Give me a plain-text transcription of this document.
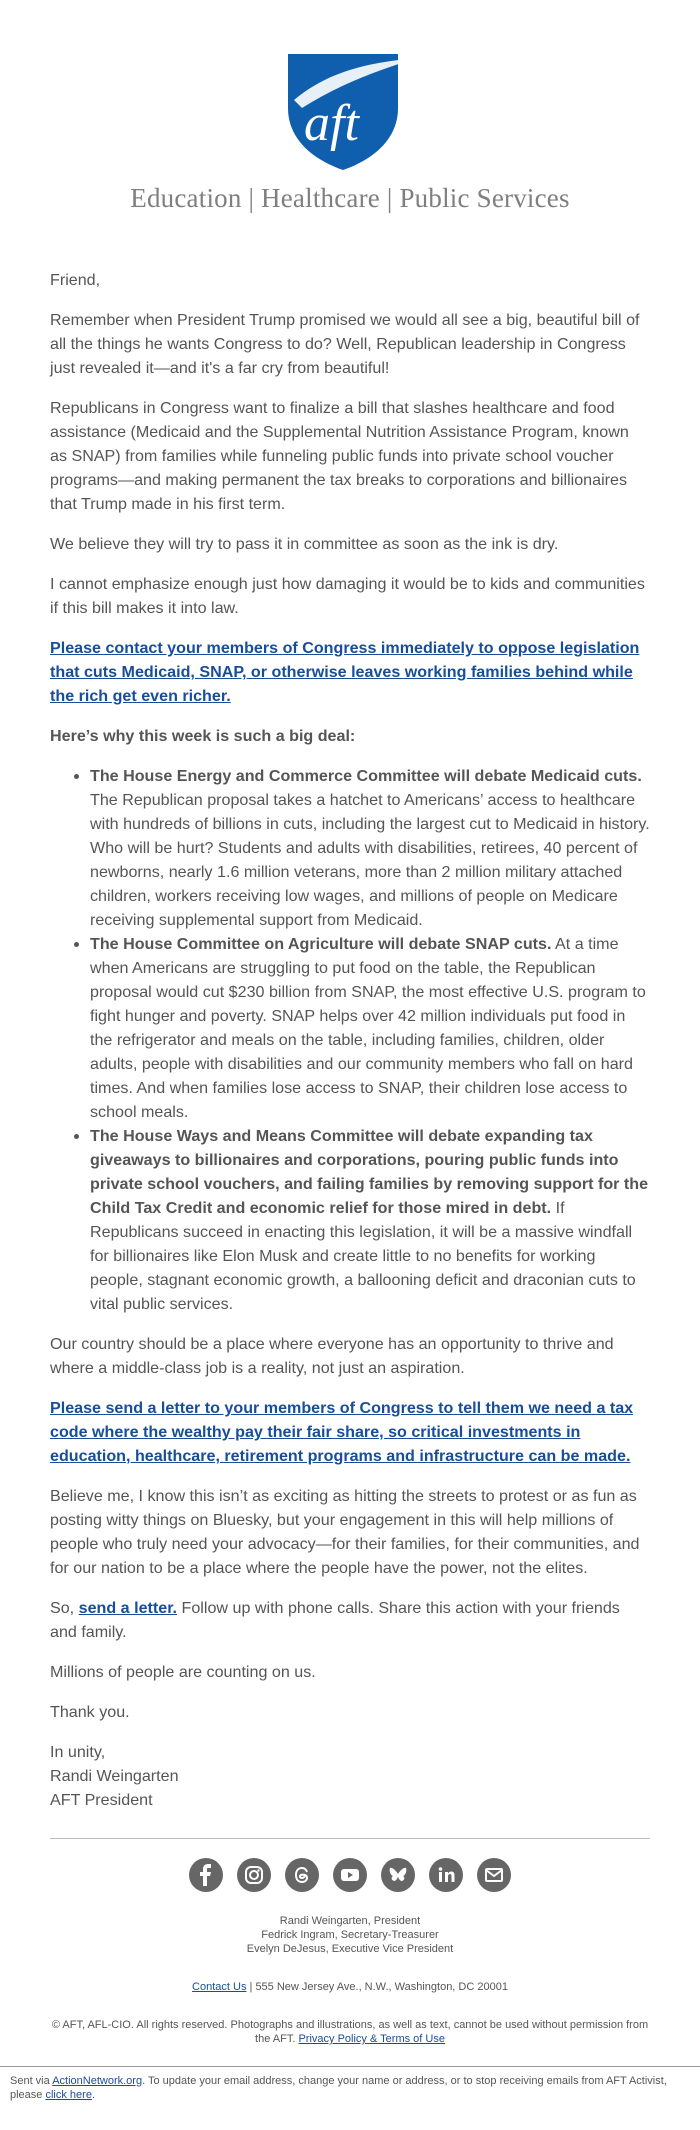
aft
Education | Healthcare | Public Services

Friend,

Remember when President Trump promised we would all see a big, beautiful bill of all the things he wants Congress to do? Well, Republican leadership in Congress just revealed it—and it's a far cry from beautiful!

Republicans in Congress want to finalize a bill that slashes healthcare and food assistance (Medicaid and the Supplemental Nutrition Assistance Program, known as SNAP) from families while funneling public funds into private school voucher programs—and making permanent the tax breaks to corporations and billionaires that Trump made in his first term.

We believe they will try to pass it in committee as soon as the ink is dry.

I cannot emphasize enough just how damaging it would be to kids and communities if this bill makes it into law.

Please contact your members of Congress immediately to oppose legislation that cuts Medicaid, SNAP, or otherwise leaves working families behind while the rich get even richer.

Here’s why this week is such a big deal:

• The House Energy and Commerce Committee will debate Medicaid cuts. The Republican proposal takes a hatchet to Americans’ access to healthcare with hundreds of billions in cuts, including the largest cut to Medicaid in history. Who will be hurt? Students and adults with disabilities, retirees, 40 percent of newborns, nearly 1.6 million veterans, more than 2 million military attached children, workers receiving low wages, and millions of people on Medicare receiving supplemental support from Medicaid.
• The House Committee on Agriculture will debate SNAP cuts. At a time when Americans are struggling to put food on the table, the Republican proposal would cut $230 billion from SNAP, the most effective U.S. program to fight hunger and poverty. SNAP helps over 42 million individuals put food in the refrigerator and meals on the table, including families, children, older adults, people with disabilities and our community members who fall on hard times. And when families lose access to SNAP, their children lose access to school meals.
• The House Ways and Means Committee will debate expanding tax giveaways to billionaires and corporations, pouring public funds into private school vouchers, and failing families by removing support for the Child Tax Credit and economic relief for those mired in debt. If Republicans succeed in enacting this legislation, it will be a massive windfall for billionaires like Elon Musk and create little to no benefits for working people, stagnant economic growth, a ballooning deficit and draconian cuts to vital public services.

Our country should be a place where everyone has an opportunity to thrive and where a middle-class job is a reality, not just an aspiration.

Please send a letter to your members of Congress to tell them we need a tax code where the wealthy pay their fair share, so critical investments in education, healthcare, retirement programs and infrastructure can be made.

Believe me, I know this isn’t as exciting as hitting the streets to protest or as fun as posting witty things on Bluesky, but your engagement in this will help millions of people who truly need your advocacy—for their families, for their communities, and for our nation to be a place where the people have the power, not the elites.

So, send a letter. Follow up with phone calls. Share this action with your friends and family.

Millions of people are counting on us.

Thank you.

In unity,
Randi Weingarten
AFT President

Randi Weingarten, President
Fedrick Ingram, Secretary-Treasurer
Evelyn DeJesus, Executive Vice President
Contact Us | 555 New Jersey Ave., N.W., Washington, DC 20001
© AFT, AFL-CIO. All rights reserved. Photographs and illustrations, as well as text, cannot be used without permission from the AFT. Privacy Policy & Terms of Use
Sent via ActionNetwork.org. To update your email address, change your name or address, or to stop receiving emails from AFT Activist, please click here.
